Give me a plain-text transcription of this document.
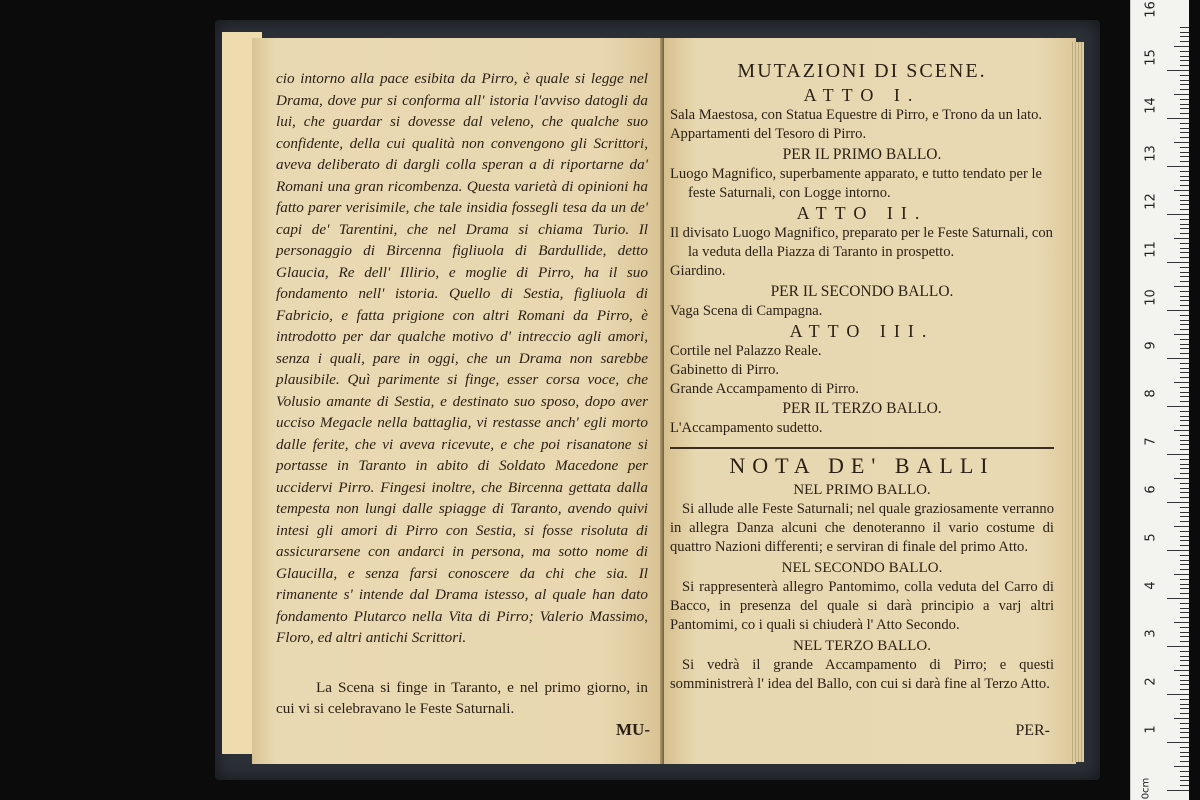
cio intorno alla pace esibita da Pirro, è quale si legge nel Drama, dove pur si conforma all' istoria l'avviso datogli da lui, che guardar si dovesse dal veleno, che qualche suo confidente, della cui qualità non convengono gli Scrittori, aveva deliberato di dargli colla speran a di riportarne da' Romani una gran ricombenza. Questa varietà di opinioni ha fatto parer verisimile, che tale insidia fossegli tesa da un de' capi de' Tarentini, che nel Drama si chiama Turio. Il personaggio di Bircenna figliuola di Bardullide, detto Glaucia, Re dell' Illirio, e moglie di Pirro, ha il suo fondamento nell' istoria. Quello di Sestia, figliuola di Fabricio, e fatta prigione con altri Romani da Pirro, è introdotto per dar qualche motivo d' intreccio agli amori, senza i quali, pare in oggi, che un Drama non sarebbe plausibile. Quì parimente si finge, esser corsa voce, che Volusio amante di Sestia, e destinato suo sposo, dopo aver ucciso Megacle nella battaglia, vi restasse anch' egli morto dalle ferite, che vi aveva ricevute, e che poi risanatone si portasse in Taranto in abito di Soldato Macedone per uccidervi Pirro. Fingesi inoltre, che Bircenna gettata dalla tempesta non lungi dalle spiagge di Taranto, avendo quivi intesi gli amori di Pirro con Sestia, si fosse risoluta di assicurarsene con andarci in persona, ma sotto nome di Glaucilla, e senza farsi conoscere da chi che sia. Il rimanente s' intende dal Drama istesso, al quale han dato fondamento Plutarco nella Vita di Pirro; Valerio Massimo, Floro, ed altri antichi Scrittori.

La Scena si finge in Taranto, e nel primo giorno, in cui vi si celebravano le Feste Saturnali.

MU-

MUTAZIONI DI SCENE.

ATTO I.

Sala Maestosa, con Statua Equestre di Pirro, e Trono da un lato.

Appartamenti del Tesoro di Pirro.

PER IL PRIMO BALLO.

Luogo Magnifico, superbamente apparato, e tutto tendato per le feste Saturnali, con Logge intorno.

ATTO II.

Il divisato Luogo Magnifico, preparato per le Feste Saturnali, con la veduta della Piazza di Taranto in prospetto.

Giardino.

PER IL SECONDO BALLO.

Vaga Scena di Campagna.

ATTO III.

Cortile nel Palazzo Reale.

Gabinetto di Pirro.

Grande Accampamento di Pirro.

PER IL TERZO BALLO.

L'Accampamento sudetto.

NOTA DE' BALLI

NEL PRIMO BALLO.

Si allude alle Feste Saturnali; nel quale graziosamente verranno in allegra Danza alcuni che denoteranno il vario costume di quattro Nazioni differenti; e serviran di finale del primo Atto.

NEL SECONDO BALLO.

Si rappresenterà allegro Pantomimo, colla veduta del Carro di Bacco, in presenza del quale si darà principio a varj altri Pantomimi, co i quali si chiuderà l' Atto Secondo.

NEL TERZO BALLO.

Si vedrà il grande Accampamento di Pirro; e questi somministrerà l' idea del Ballo, con cui si darà fine al Terzo Atto.

PER-
16
15
14
13
12
11
10
9
8
7
6
5
4
3
2
1
0cm
